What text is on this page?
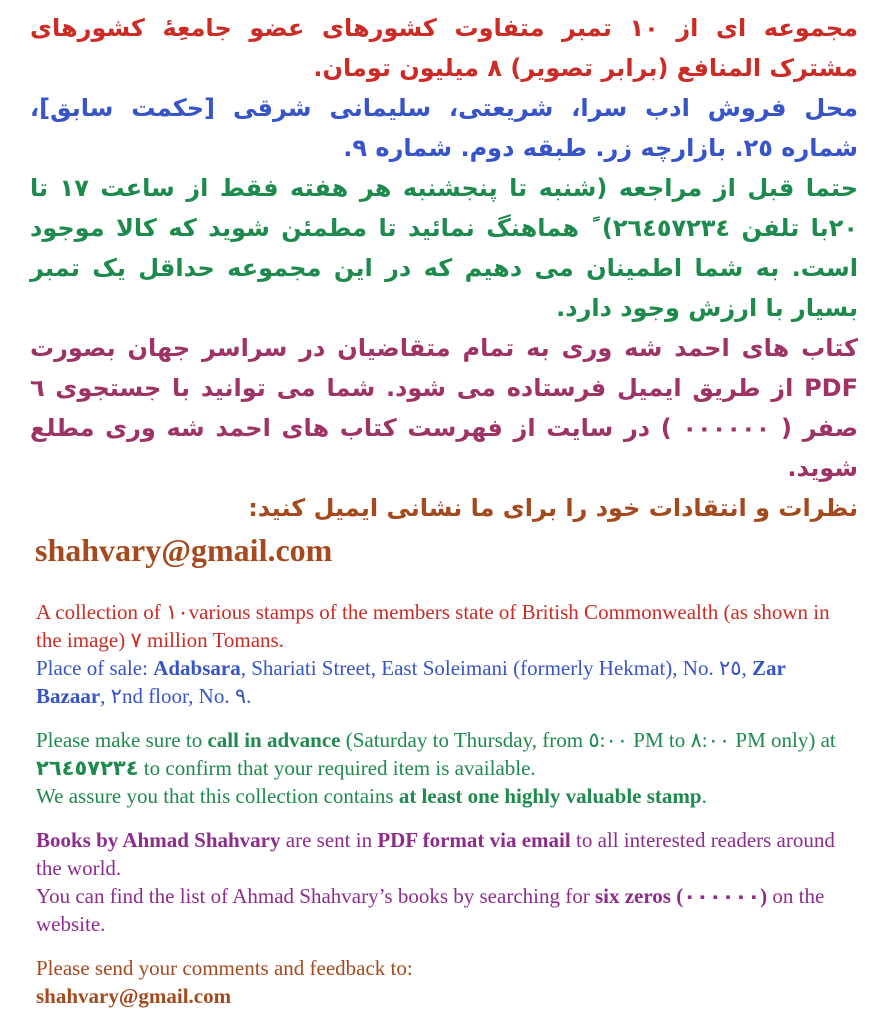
مجموعه ای از ١٠ تمبر متفاوت کشورهای عضو جامعِۀ کشورهای مشترک المنافع (برابر تصویر) ٨ میلیون تومان.

محل فروش ادب سرا، شریعتی، سلیمانی شرقی [حکمت سابق]، شماره ٢٥. بازارچه زر. طبقه دوم. شماره ٩.

حتما قبل از مراجعه (شنبه تا پنجشنبه هر هفته فقط از ساعت ١٧ تا ٢٠با تلفن ٢٦٤٥٧٢٣٤) ً هماهنگ نمائید تا مطمئن شوید که کالا موجود است. به شما اطمینان می دهیم که در این مجموعه حداقل یک تمبر بسیار با ارزش وجود دارد.

کتاب های احمد شه وری به تمام متقاضیان در سراسر جهان بصورت PDF از طریق ایمیل فرستاده می شود. شما می توانید با جستجوی ٦ صفر ( ٠٠٠٠٠٠ ) در سایت از فهرست کتاب های احمد شه وری مطلع شوید.

نظرات و انتقادات خود را برای ما نشانی ایمیل کنید:

shahvary@gmail.com

A collection of ١٠various stamps of the members state of British Commonwealth (as shown in the image) ٧ million Tomans.

Place of sale: Adabsara, Shariati Street, East Soleimani (formerly Hekmat), No. ٢٥, Zar Bazaar, ٢nd floor, No. ٩.

Please make sure to call in advance (Saturday to Thursday, from ٥:٠٠ PM to ٨:٠٠ PM only) at ٢٦٤٥٧٢٣٤ to confirm that your required item is available.

We assure you that this collection contains at least one highly valuable stamp.

Books by Ahmad Shahvary are sent in PDF format via email to all interested readers around the world.

You can find the list of Ahmad Shahvary’s books by searching for six zeros (٠٠٠٠٠٠) on the website.

Please send your comments and feedback to:

shahvary@gmail.com
